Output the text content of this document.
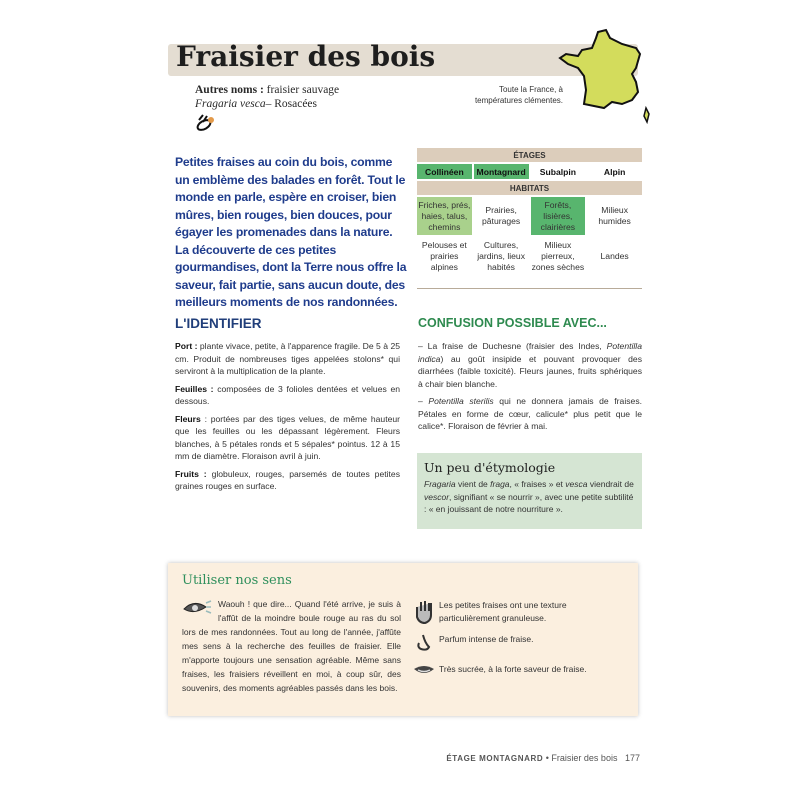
Fraisier des bois
Autres noms : fraisier sauvage
Fragaria vesca– Rosacées
Toute la France, à températures clémentes.

Petites fraises au coin du bois, comme un emblème des balades en forêt. Tout le monde en parle, espère en croiser, bien mûres, bien rouges, bien douces, pour égayer les promenades dans la nature. La découverte de ces petites gourmandises, dont la Terre nous offre la saveur, fait partie, sans aucun doute, des meilleurs moments de nos randonnées.

ÉTAGES			
Collinéen	Montagnard	Subalpin	Alpin
HABITATS			
Friches, prés, haies, talus, chemins	Prairies, pâturages	Forêts, lisières, clairières	Milieux humides
Pelouses et prairies alpines	Cultures, jardins, lieux habités	Milieux pierreux, zones sèches	Landes
L'IDENTIFIER

Port : plante vivace, petite, à l'apparence fragile. De 5 à 25 cm. Produit de nombreuses tiges appelées stolons* qui serviront à la multiplication de la plante.

Feuilles : composées de 3 folioles dentées et velues en dessous.

Fleurs : portées par des tiges velues, de même hauteur que les feuilles ou les dépassant légèrement. Fleurs blanches, à 5 pétales ronds et 5 sépales* pointus. 12 à 15 mm de diamètre. Floraison avril à juin.

Fruits : globuleux, rouges, parsemés de toutes petites graines rouges en surface.

CONFUSION POSSIBLE AVEC...

– La fraise de Duchesne (fraisier des Indes, Potentilla indica) au goût insipide et pouvant provoquer des diarrhées (faible toxicité). Fleurs jaunes, fruits sphériques à chair bien blanche.

– Potentilla sterilis qui ne donnera jamais de fraises. Pétales en forme de cœur, calicule* plus petit que le calice*. Floraison de février à mai.

Un peu d'étymologie
Fragaria vient de fraga, « fraises » et vesca viendrait de vescor, signifiant « se nourrir », avec une petite subtilité : « en jouissant de notre nourriture ».
Utiliser nos sens
Waouh ! que dire... Quand l'été arrive, je suis à l'affût de la moindre boule rouge au ras du sol lors de mes randonnées. Tout au long de l'année, j'affûte mes sens à la recherche des feuilles de fraisier. Elle m'apporte toujours une sensation agréable. Même sans fraises, les fraisiers réveillent en moi, à coup sûr, des souvenirs, des moments agréables passés dans les bois.
Les petites fraises ont une texture particulièrement granuleuse.
Parfum intense de fraise.
Très sucrée, à la forte saveur de fraise.
ÉTAGE MONTAGNARD • Fraisier des bois 177
